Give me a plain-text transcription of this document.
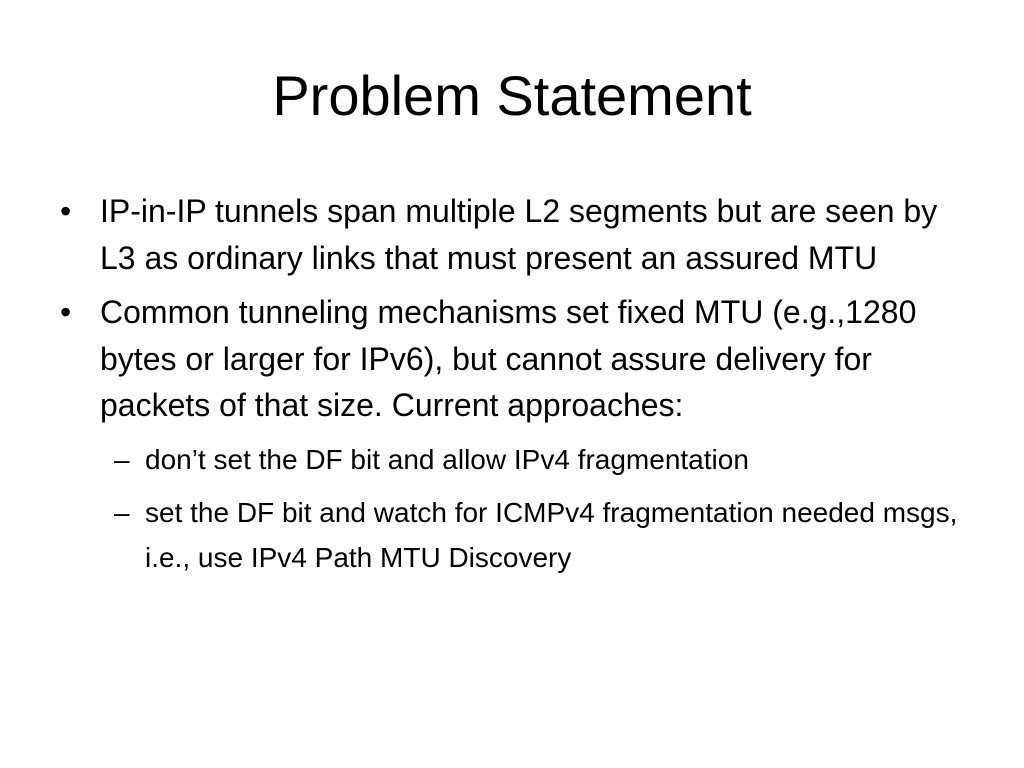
Problem Statement
• IP-in-IP tunnels span multiple L2 segments but are seen by L3 as ordinary links that must present an assured MTU
• Common tunneling mechanisms set fixed MTU (e.g.,1280 bytes or larger for IPv6), but cannot assure delivery for packets of that size. Current approaches:
– don’t set the DF bit and allow IPv4 fragmentation
– set the DF bit and watch for ICMPv4 fragmentation needed msgs, i.e., use IPv4 Path MTU Discovery
